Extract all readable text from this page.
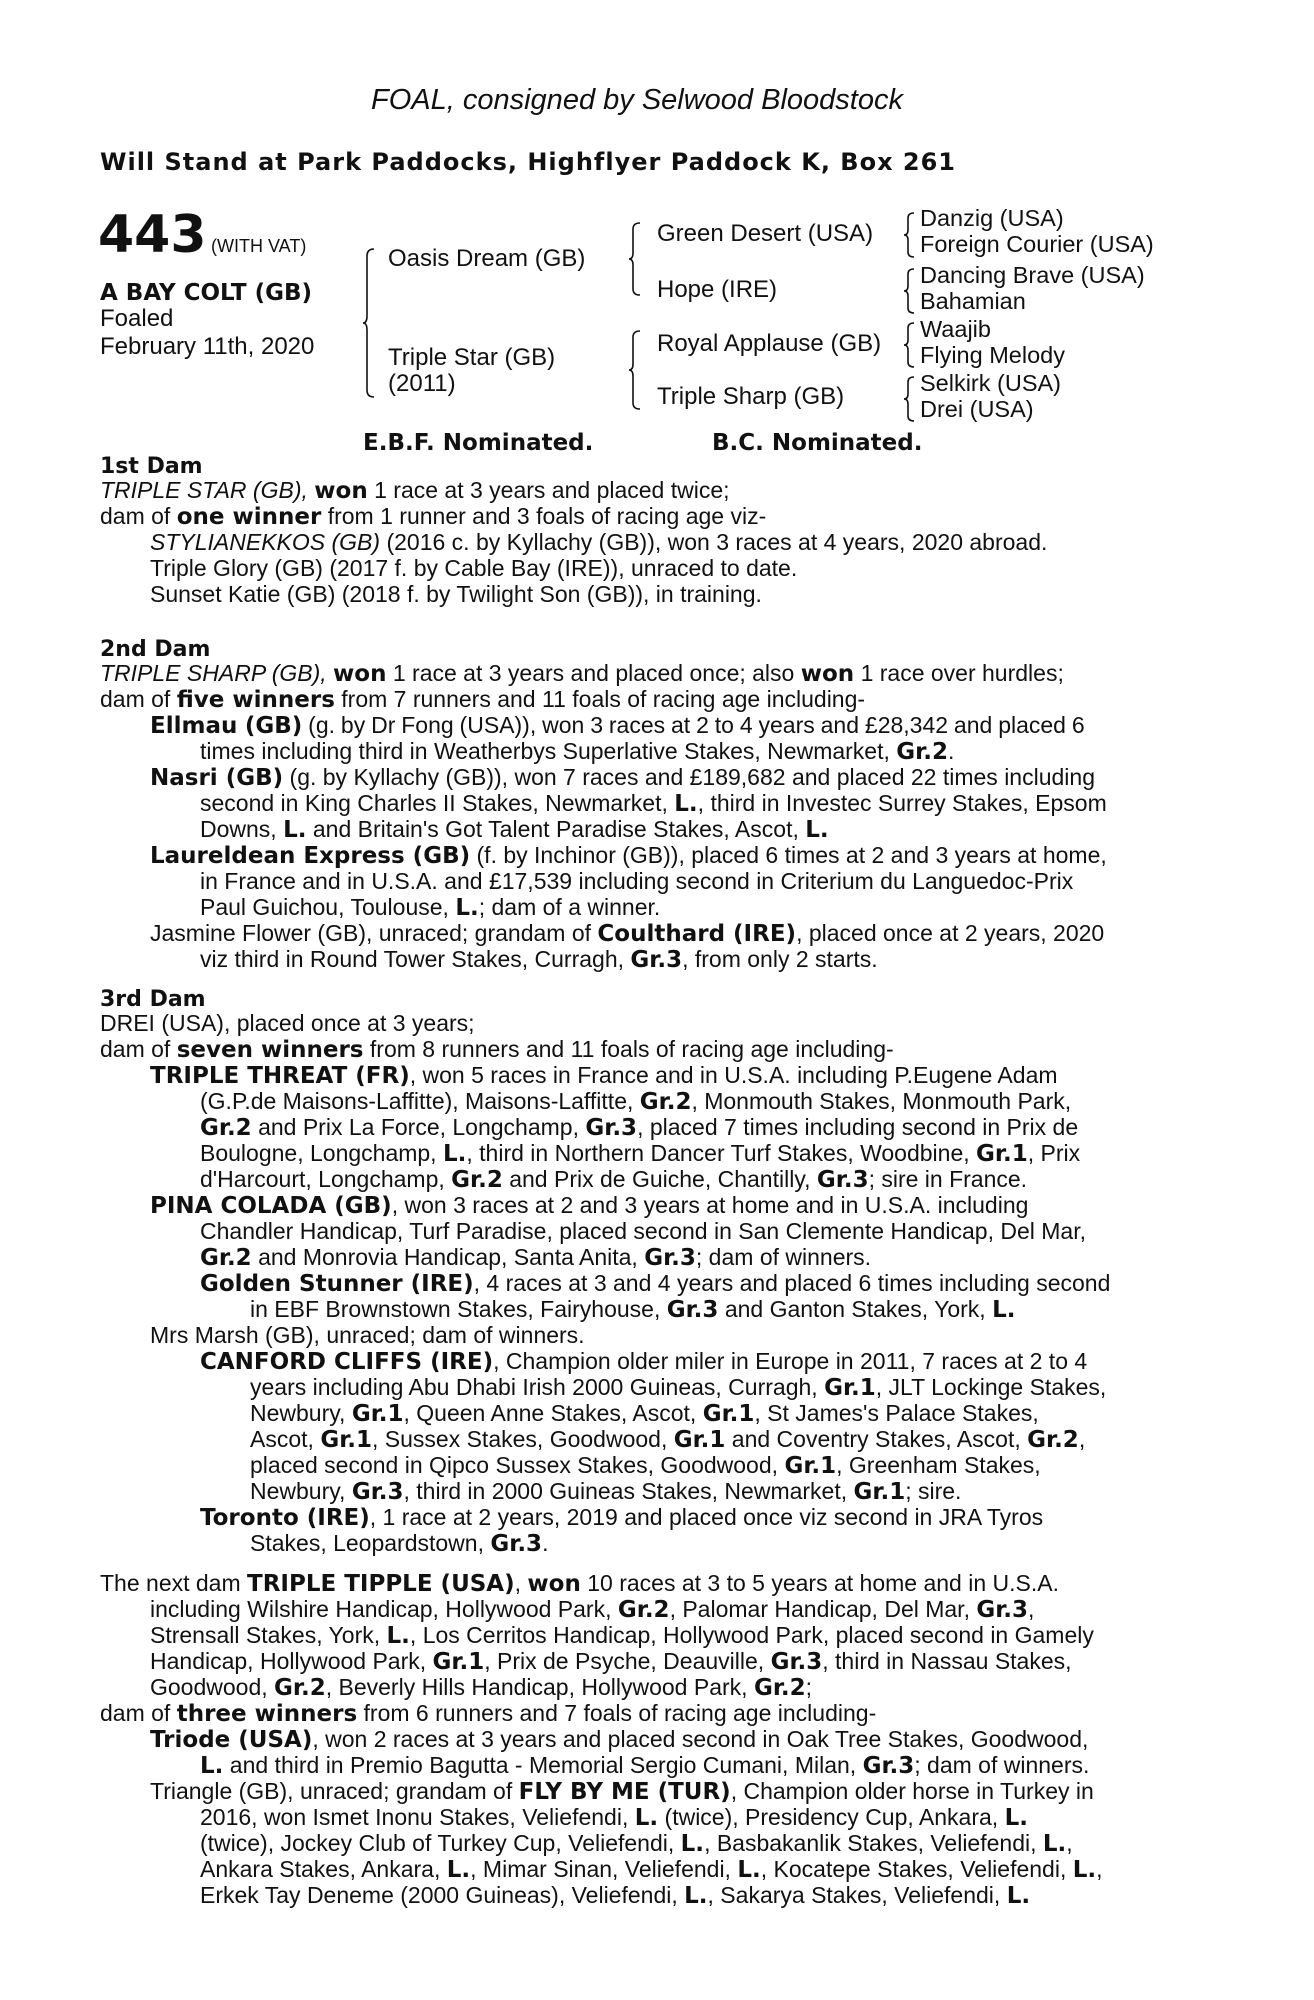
FOAL, consigned by Selwood Bloodstock
Will Stand at Park Paddocks, Highflyer Paddock K, Box 261
443 (WITH VAT)
A BAY COLT (GB)
Foaled
February 11th, 2020
Oasis Dream (GB)
Triple Star (GB)
(2011)
Green Desert (USA)
Hope (IRE)
Royal Applause (GB)
Triple Sharp (GB)
Danzig (USA)
Foreign Courier (USA)
Dancing Brave (USA)
Bahamian
Waajib
Flying Melody
Selkirk (USA)
Drei (USA)
E.B.F. Nominated.	B.C. Nominated.
1st Dam
TRIPLE STAR (GB), won 1 race at 3 years and placed twice;
dam of one winner from 1 runner and 3 foals of racing age viz-
STYLIANEKKOS (GB) (2016 c. by Kyllachy (GB)), won 3 races at 4 years, 2020 abroad.
Triple Glory (GB) (2017 f. by Cable Bay (IRE)), unraced to date.
Sunset Katie (GB) (2018 f. by Twilight Son (GB)), in training.
2nd Dam
TRIPLE SHARP (GB), won 1 race at 3 years and placed once; also won 1 race over hurdles;
dam of five winners from 7 runners and 11 foals of racing age including-
Ellmau (GB) (g. by Dr Fong (USA)), won 3 races at 2 to 4 years and £28,342 and placed 6
times including third in Weatherbys Superlative Stakes, Newmarket, Gr.2.
Nasri (GB) (g. by Kyllachy (GB)), won 7 races and £189,682 and placed 22 times including
second in King Charles II Stakes, Newmarket, L., third in Investec Surrey Stakes, Epsom
Downs, L. and Britain's Got Talent Paradise Stakes, Ascot, L.
Laureldean Express (GB) (f. by Inchinor (GB)), placed 6 times at 2 and 3 years at home,
in France and in U.S.A. and £17,539 including second in Criterium du Languedoc-Prix
Paul Guichou, Toulouse, L.; dam of a winner.
Jasmine Flower (GB), unraced; grandam of Coulthard (IRE), placed once at 2 years, 2020
viz third in Round Tower Stakes, Curragh, Gr.3, from only 2 starts.
3rd Dam
DREI (USA), placed once at 3 years;
dam of seven winners from 8 runners and 11 foals of racing age including-
TRIPLE THREAT (FR), won 5 races in France and in U.S.A. including P.Eugene Adam
(G.P.de Maisons-Laffitte), Maisons-Laffitte, Gr.2, Monmouth Stakes, Monmouth Park,
Gr.2 and Prix La Force, Longchamp, Gr.3, placed 7 times including second in Prix de
Boulogne, Longchamp, L., third in Northern Dancer Turf Stakes, Woodbine, Gr.1, Prix
d'Harcourt, Longchamp, Gr.2 and Prix de Guiche, Chantilly, Gr.3; sire in France.
PINA COLADA (GB), won 3 races at 2 and 3 years at home and in U.S.A. including
Chandler Handicap, Turf Paradise, placed second in San Clemente Handicap, Del Mar,
Gr.2 and Monrovia Handicap, Santa Anita, Gr.3; dam of winners.
Golden Stunner (IRE), 4 races at 3 and 4 years and placed 6 times including second
in EBF Brownstown Stakes, Fairyhouse, Gr.3 and Ganton Stakes, York, L.
Mrs Marsh (GB), unraced; dam of winners.
CANFORD CLIFFS (IRE), Champion older miler in Europe in 2011, 7 races at 2 to 4
years including Abu Dhabi Irish 2000 Guineas, Curragh, Gr.1, JLT Lockinge Stakes,
Newbury, Gr.1, Queen Anne Stakes, Ascot, Gr.1, St James's Palace Stakes,
Ascot, Gr.1, Sussex Stakes, Goodwood, Gr.1 and Coventry Stakes, Ascot, Gr.2,
placed second in Qipco Sussex Stakes, Goodwood, Gr.1, Greenham Stakes,
Newbury, Gr.3, third in 2000 Guineas Stakes, Newmarket, Gr.1; sire.
Toronto (IRE), 1 race at 2 years, 2019 and placed once viz second in JRA Tyros
Stakes, Leopardstown, Gr.3.
The next dam TRIPLE TIPPLE (USA), won 10 races at 3 to 5 years at home and in U.S.A.
including Wilshire Handicap, Hollywood Park, Gr.2, Palomar Handicap, Del Mar, Gr.3,
Strensall Stakes, York, L., Los Cerritos Handicap, Hollywood Park, placed second in Gamely
Handicap, Hollywood Park, Gr.1, Prix de Psyche, Deauville, Gr.3, third in Nassau Stakes,
Goodwood, Gr.2, Beverly Hills Handicap, Hollywood Park, Gr.2;
dam of three winners from 6 runners and 7 foals of racing age including-
Triode (USA), won 2 races at 3 years and placed second in Oak Tree Stakes, Goodwood,
L. and third in Premio Bagutta - Memorial Sergio Cumani, Milan, Gr.3; dam of winners.
Triangle (GB), unraced; grandam of FLY BY ME (TUR), Champion older horse in Turkey in
2016, won Ismet Inonu Stakes, Veliefendi, L. (twice), Presidency Cup, Ankara, L.
(twice), Jockey Club of Turkey Cup, Veliefendi, L., Basbakanlik Stakes, Veliefendi, L.,
Ankara Stakes, Ankara, L., Mimar Sinan, Veliefendi, L., Kocatepe Stakes, Veliefendi, L.,
Erkek Tay Deneme (2000 Guineas), Veliefendi, L., Sakarya Stakes, Veliefendi, L.
